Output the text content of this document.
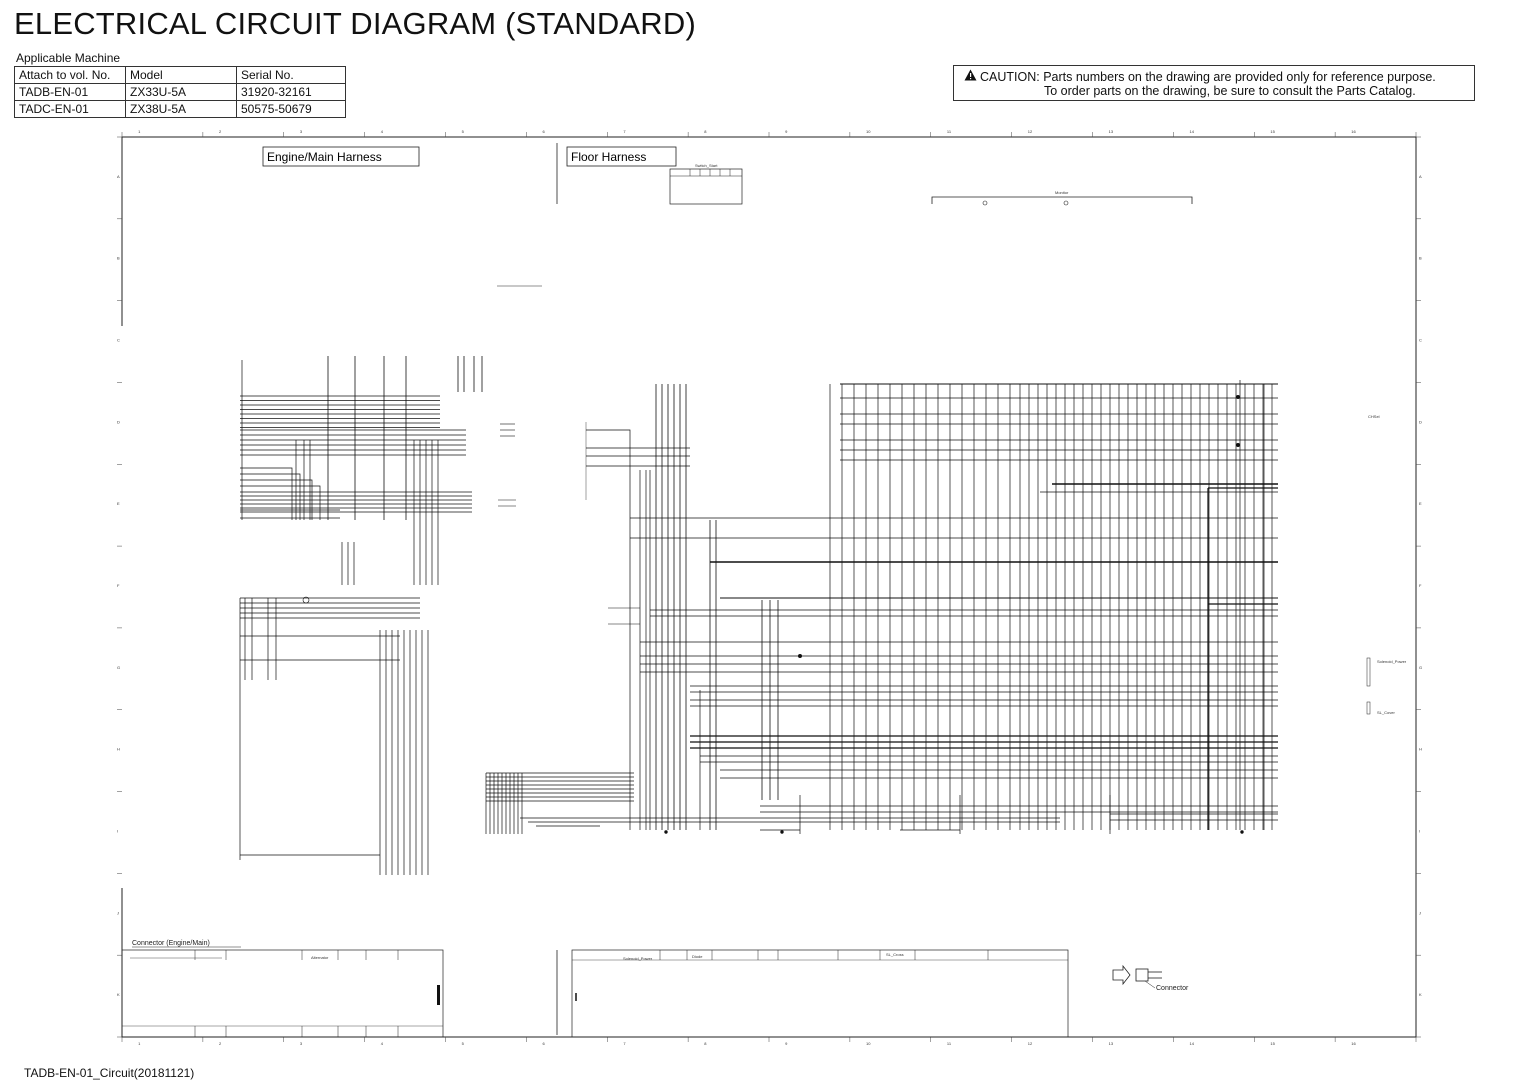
ELECTRICAL CIRCUIT DIAGRAM (STANDARD)
Applicable Machine
Attach to vol. No.	Model	Serial No.
TADB-EN-01	ZX33U-5A	31920-32161
TADC-EN-01	ZX38U-5A	50575-50679
CAUTION: Parts numbers on the drawing are provided only for reference purpose.
To order parts on the drawing, be sure to consult the Parts Catalog.
1
1
2
2
3
3
4
4
5
5
6
6
7
7
8
8
9
9
10
10
11
11
12
12
13
13
14
14
15
15
16
16
A	A
B	B
C	C
D	D
E	E
F	F
G	G
H	H
I	I
J	J
K	K
Engine/Main Harness	Floor Harness
Switch_Start
Monitor
CHSel
Solenoid_Power
SL_Cover
Connector (Engine/Main)
Alternator	Solenoid_Power	Diode	SL_Cross
Connector
TADB-EN-01_Circuit(20181121)
